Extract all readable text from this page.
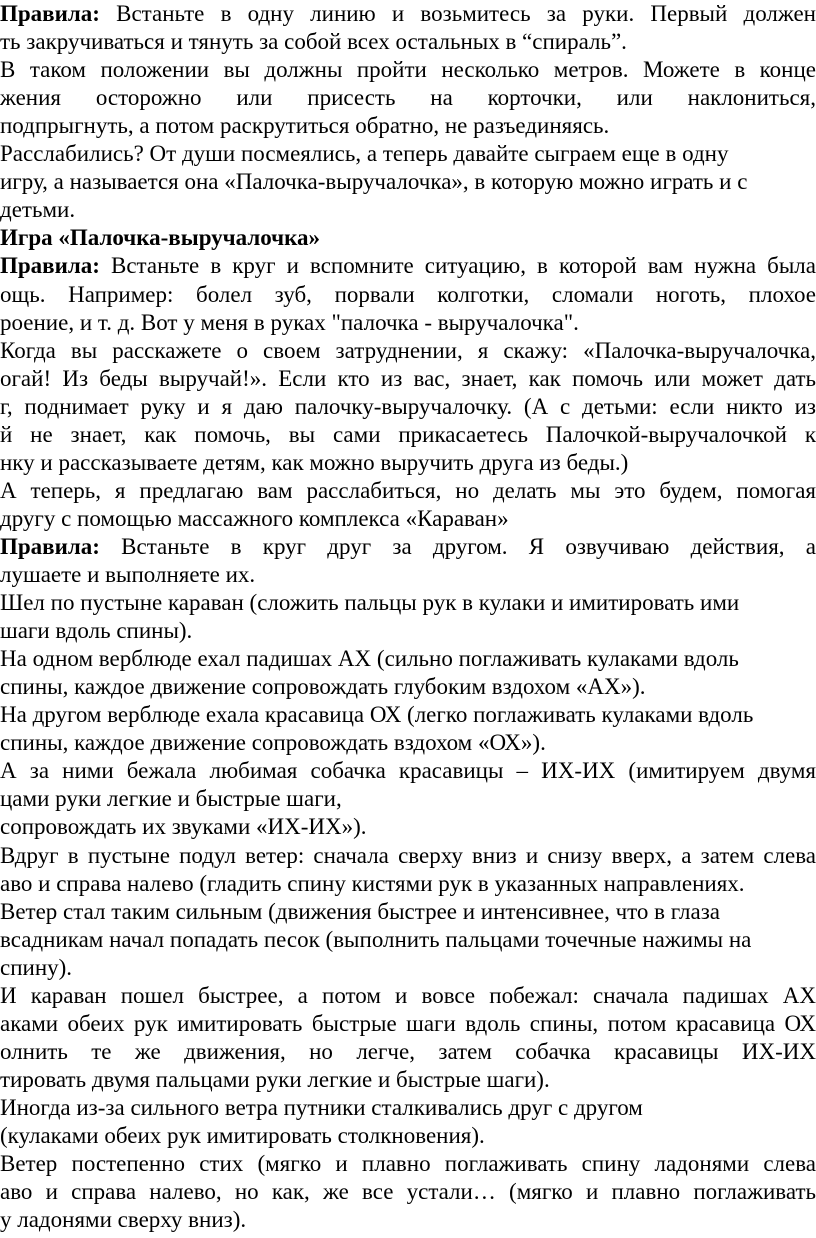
Правила: Встаньте в одну линию и возьмитесь за руки. Первый должен
ть закручиваться и тянуть за собой всех остальных в “спираль”.
В таком положении вы должны пройти несколько метров. Можете в конце
жения осторожно или присесть на корточки, или наклониться,
подпрыгнуть, а потом раскрутиться обратно, не разъединяясь.
Расслабились? От души посмеялись, а теперь давайте сыграем еще в одну
игру, а называется она «Палочка-выручалочка», в которую можно играть и с
детьми.
Игра «Палочка-выручалочка»
Правила: Встаньте в круг и вспомните ситуацию, в которой вам нужна была
ощь. Например: болел зуб, порвали колготки, сломали ноготь, плохое
роение, и т. д. Вот у меня в руках "палочка - выручалочка".
Когда вы расскажете о своем затруднении, я скажу: «Палочка-выручалочка,
огай! Из беды выручай!». Если кто из вас, знает, как помочь или может дать
г, поднимает руку и я даю палочку-выручалочку. (А с детьми: если никто из
й не знает, как помочь, вы сами прикасаетесь Палочкой-выручалочкой к
нку и рассказываете детям, как можно выручить друга из беды.)
А теперь, я предлагаю вам расслабиться, но делать мы это будем, помогая
другу с помощью массажного комплекса «Караван»
Правила: Встаньте в круг друг за другом. Я озвучиваю действия, а
лушаете и выполняете их.
Шел по пустыне караван (сложить пальцы рук в кулаки и имитировать ими
шаги вдоль спины).
На одном верблюде ехал падишах АХ (сильно поглаживать кулаками вдоль
спины, каждое движение сопровождать глубоким вздохом «АХ»).
На другом верблюде ехала красавица ОХ (легко поглаживать кулаками вдоль
спины, каждое движение сопровождать вздохом «ОХ»).
А за ними бежала любимая собачка красавицы – ИХ-ИХ (имитируем двумя
цами руки легкие и быстрые шаги,
сопровождать их звуками «ИХ-ИХ»).
Вдруг в пустыне подул ветер: сначала сверху вниз и снизу вверх, а затем слева
аво и справа налево (гладить спину кистями рук в указанных направлениях.
Ветер стал таким сильным (движения быстрее и интенсивнее, что в глаза
всадникам начал попадать песок (выполнить пальцами точечные нажимы на
спину).
И караван пошел быстрее, а потом и вовсе побежал: сначала падишах АХ
аками обеих рук имитировать быстрые шаги вдоль спины, потом красавица ОХ
олнить те же движения, но легче, затем собачка красавицы ИХ-ИХ
тировать двумя пальцами руки легкие и быстрые шаги).
Иногда из-за сильного ветра путники сталкивались друг с другом
(кулаками обеих рук имитировать столкновения).
Ветер постепенно стих (мягко и плавно поглаживать спину ладонями слева
аво и справа налево, но как, же все устали… (мягко и плавно поглаживать
у ладонями сверху вниз).
